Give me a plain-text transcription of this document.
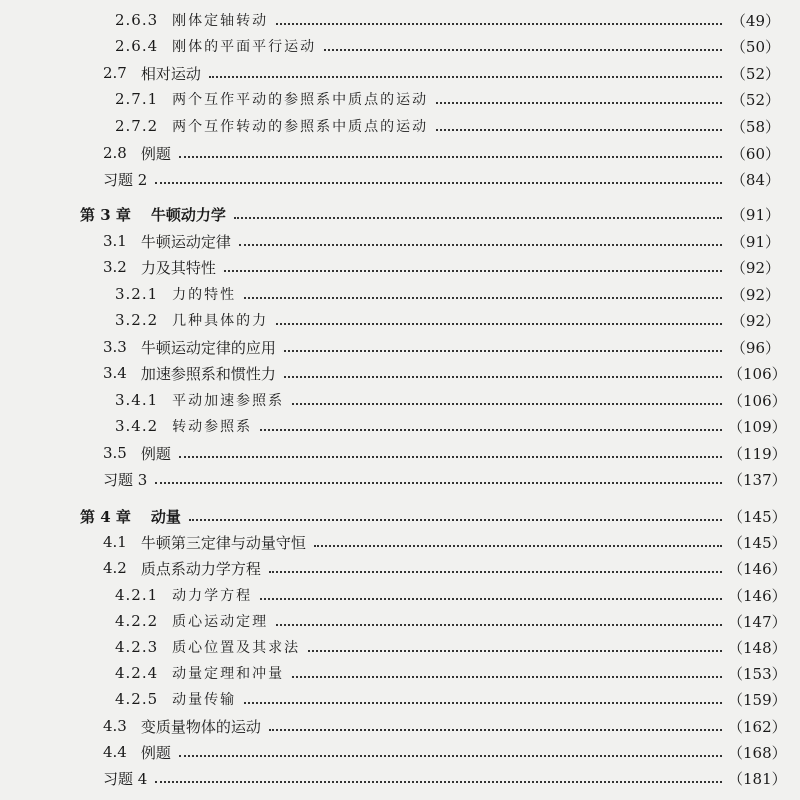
2.6.3 刚体定轴转动	（49）
2.6.4 刚体的平面平行运动	（50）
2.7 相对运动	（52）
2.7.1 两个互作平动的参照系中质点的运动	（52）
2.7.2 两个互作转动的参照系中质点的运动	（58）
2.8 例题	（60）
习题 2	（84）
第 3 章 牛顿动力学	（91）
3.1 牛顿运动定律	（91）
3.2 力及其特性	（92）
3.2.1 力的特性	（92）
3.2.2 几种具体的力	（92）
3.3 牛顿运动定律的应用	（96）
3.4 加速参照系和惯性力	（106）
3.4.1 平动加速参照系	（106）
3.4.2 转动参照系	（109）
3.5 例题	（119）
习题 3	（137）
第 4 章 动量	（145）
4.1 牛顿第三定律与动量守恒	（145）
4.2 质点系动力学方程	（146）
4.2.1 动力学方程	（146）
4.2.2 质心运动定理	（147）
4.2.3 质心位置及其求法	（148）
4.2.4 动量定理和冲量	（153）
4.2.5 动量传输	（159）
4.3 变质量物体的运动	（162）
4.4 例题	（168）
习题 4	（181）
